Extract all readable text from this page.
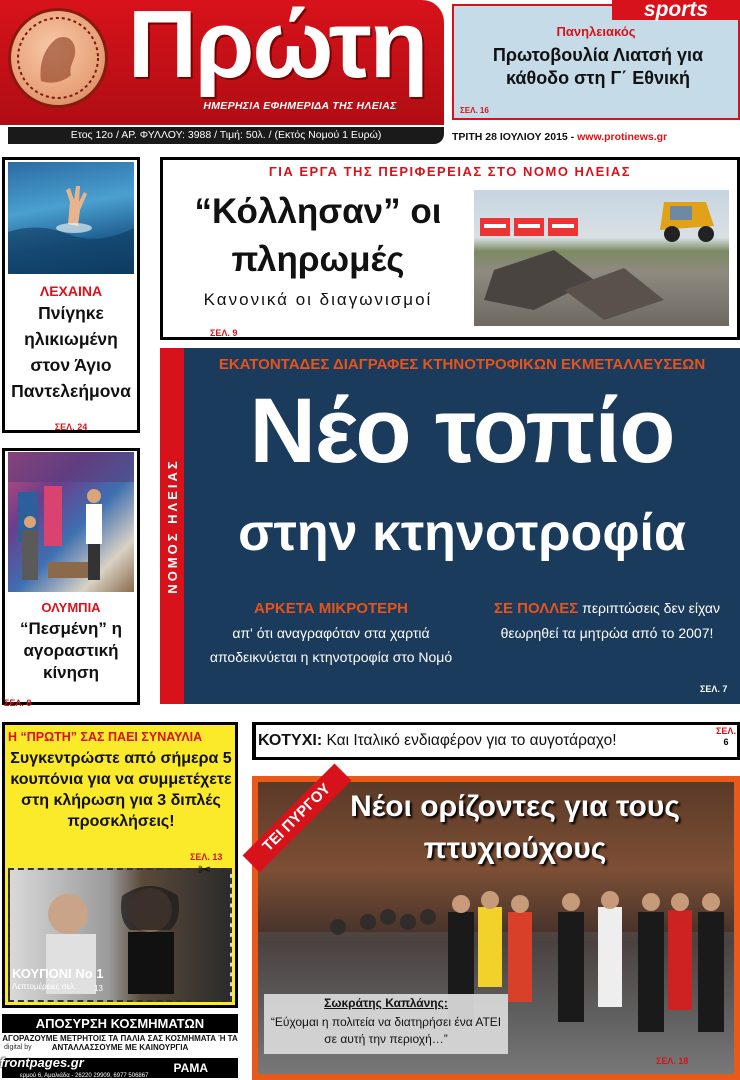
Πρώτη
ΗΜΕΡΗΣΙΑ ΕΦΗΜΕΡΙΔΑ ΤΗΣ ΗΛΕΙΑΣ
Ετος 12ο / ΑΡ. ΦΥΛΛΟΥ: 3988 / Τιμή: 50λ. / (Εκτός Νομού 1 Ευρώ)	ΤΡΙΤΗ 28 ΙΟΥΛΙΟΥ 2015 - www.protinews.gr
sports
Πανηλειακός
Πρωτοβουλία Λιατσή για κάθοδο στη Γ΄ Εθνική
ΣΕΛ. 16
ΛΕΧΑΙΝΑ
Πνίγηκε ηλικιωμένη στον Άγιο Παντελεήμονα
ΣΕΛ. 24
ΟΛΥΜΠΙΑ
“Πεσμένη” η αγοραστική κίνηση
ΣΕΛ. 8
ΓΙΑ ΕΡΓΑ ΤΗΣ ΠΕΡΙΦΕΡΕΙΑΣ ΣΤΟ ΝΟΜΟ ΗΛΕΙΑΣ
“Κόλλησαν” οι πληρωμές
Κανονικά οι διαγωνισμοί
ΣΕΛ. 9
ΝΟΜΟΣ ΗΛΕΙΑΣ
ΕΚΑΤΟΝΤΑΔΕΣ ΔΙΑΓΡΑΦΕΣ ΚΤΗΝΟΤΡΟΦΙΚΩΝ ΕΚΜΕΤΑΛΛΕΥΣΕΩΝ
Νέο τοπίο
στην κτηνοτροφία
ΑΡΚΕΤΑ ΜΙΚΡΟΤΕΡΗ
απ' ότι αναγραφόταν στα χαρτιά αποδεικνύεται η κτηνοτροφία στο Νομό
ΣΕ ΠΟΛΛΕΣ περιπτώσεις δεν είχαν θεωρηθεί τα μητρώα από το 2007!
ΣΕΛ. 7
Η “ΠΡΩΤΗ” ΣΑΣ ΠΑΕΙ ΣΥΝΑΥΛΙΑ
Συγκεντρώστε από σήμερα 5 κουπόνια για να συμμετέχετε στη κλήρωση για 3 διπλές προσκλήσεις!
ΣΕΛ. 13
✂
ΚΟΥΠΟΝΙ Νο 1
Λεπτομέρειες σελ. 13
ΑΠΟΣΥΡΣΗ ΚΟΣΜΗΜΑΤΩΝ
ΑΓΟΡΑΖΟΥΜΕ ΜΕΤΡΗΤΟΙΣ ΤΑ ΠΑΛΙΑ ΣΑΣ ΚΟΣΜΗΜΑΤΑ Ή ΤΑ ΑΝΤΑΛΛΑΣΣΟΥΜΕ ΜΕ ΚΑΙΝΟΥΡΓΙΑ
ΡΑΜΑ
ερμού 6, Αμαλιάδα - 26220 29909, 6977 506867
digital by
frontpages.gr
ΚΟΤΥΧΙ: Και Ιταλικό ενδιαφέρον για το αυγοτάραχο!
ΣΕΛ.
6
Νέοι ορίζοντες για τους πτυχιούχους
ΤΕΙ ΠΥΡΓΟΥ
Σωκράτης Καπλάνης:
“Εύχομαι η πολιτεία να διατηρήσει ένα ΑΤΕΙ σε αυτή την περιοχή…”
ΣΕΛ. 18
